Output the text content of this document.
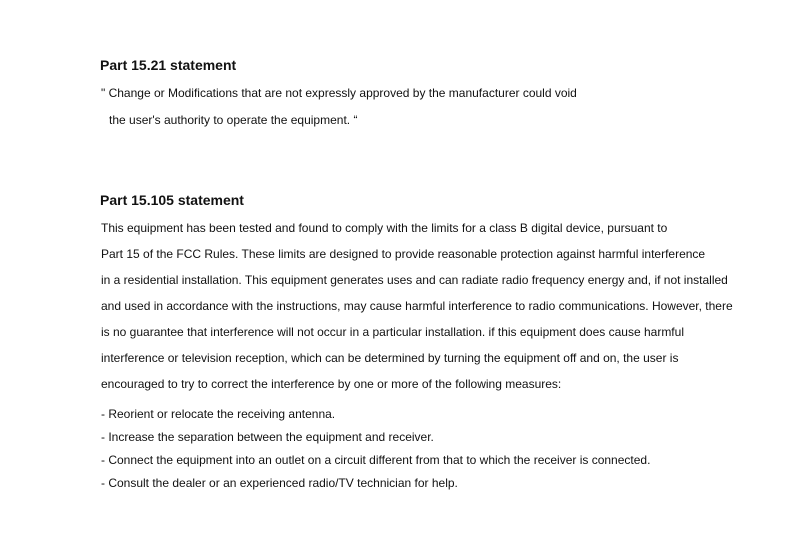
Part 15.21 statement

" Change or Modifications that are not expressly approved by the manufacturer could void

the user's authority to operate the equipment. “

Part 15.105 statement

This equipment has been tested and found to comply with the limits for a class B digital device, pursuant to

Part 15 of the FCC Rules. These limits are designed to provide reasonable protection against harmful interference

in a residential installation. This equipment generates uses and can radiate radio frequency energy and, if not installed

and used in accordance with the instructions, may cause harmful interference to radio communications. However, there

is no guarantee that interference will not occur in a particular installation. if this equipment does cause harmful

interference or television reception, which can be determined by turning the equipment off and on, the user is

encouraged to try to correct the interference by one or more of the following measures:

- Reorient or relocate the receiving antenna.

- Increase the separation between the equipment and receiver.

- Connect the equipment into an outlet on a circuit different from that to which the receiver is connected.

- Consult the dealer or an experienced radio/TV technician for help.
